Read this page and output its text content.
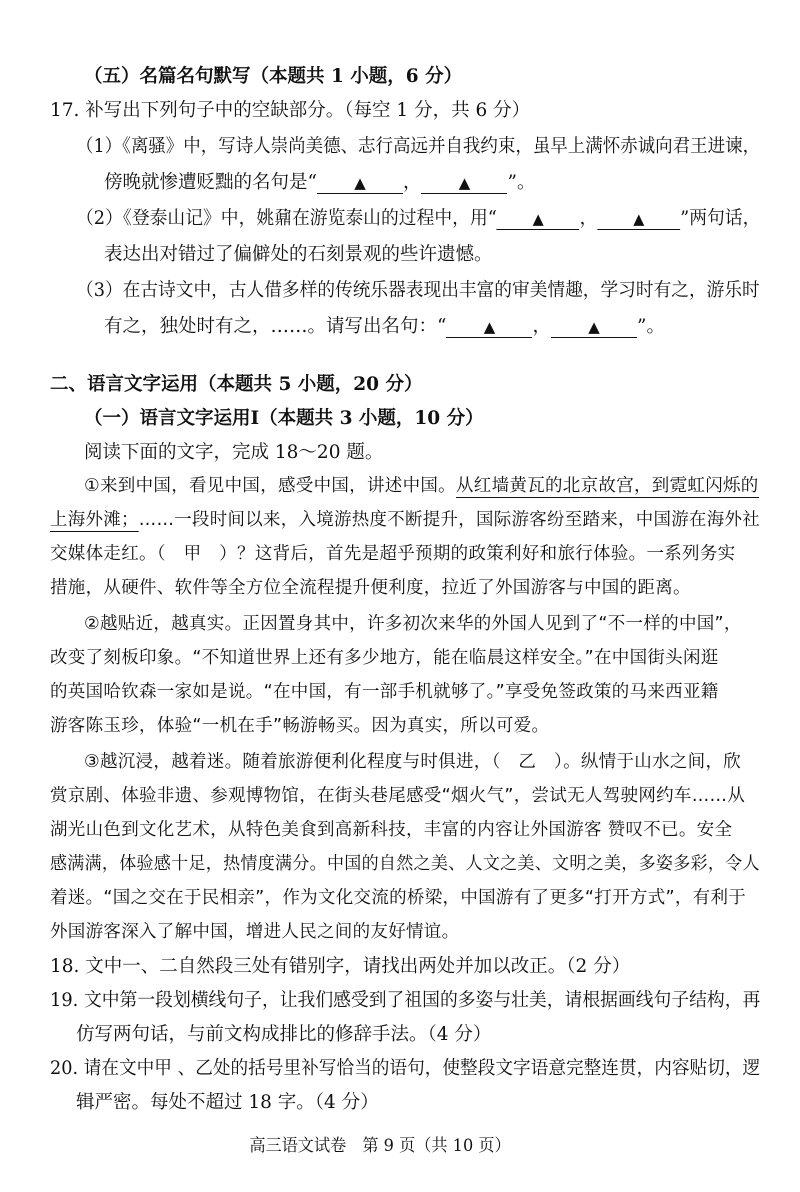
（五）名篇名句默写（本题共 1 小题，6 分）
17. 补写出下列句子中的空缺部分。（每空 1 分，共 6 分）
（1）《离骚》中，写诗人崇尚美德、志行高远并自我约束，虽早上满怀赤诚向君王进谏，
傍晚就惨遭贬黜的名句是“ ▲ ， ▲ ”。
（2）《登泰山记》中，姚鼐在游览泰山的过程中，用“ ▲ ， ▲ ”两句话，
表达出对错过了偏僻处的石刻景观的些许遗憾。
（3）在古诗文中，古人借多样的传统乐器表现出丰富的审美情趣，学习时有之，游乐时
有之，独处时有之，……。请写出名句：“ ▲ ， ▲ ”。
二、语言文字运用（本题共 5 小题，20 分）
（一）语言文字运用Ⅰ（本题共 3 小题，10 分）
阅读下面的文字，完成 18～20 题。
①来到中国，看见中国，感受中国，讲述中国。从红墙黄瓦的北京故宫，到霓虹闪烁的
上海外滩；……一段时间以来，入境游热度不断提升，国际游客纷至踏来，中国游在海外社
交媒体走红。（　甲　）？这背后，首先是超乎预期的政策利好和旅行体验。一系列务实
措施，从硬件、软件等全方位全流程提升便利度，拉近了外国游客与中国的距离。
②越贴近，越真实。正因置身其中，许多初次来华的外国人见到了“不一样的中国”，
改变了刻板印象。“不知道世界上还有多少地方，能在临晨这样安全。”在中国街头闲逛
的英国哈钦森一家如是说。“在中国，有一部手机就够了。”享受免签政策的马来西亚籍
游客陈玉珍，体验“一机在手”畅游畅买。因为真实，所以可爱。
③越沉浸，越着迷。随着旅游便利化程度与时俱进，（　乙　）。纵情于山水之间，欣
赏京剧、体验非遗、参观博物馆，在街头巷尾感受“烟火气”，尝试无人驾驶网约车……从
湖光山色到文化艺术，从特色美食到高新科技，丰富的内容让外国游客 赞叹不已。安全
感满满，体验感十足，热情度满分。中国的自然之美、人文之美、文明之美，多姿多彩，令人
着迷。“国之交在于民相亲”，作为文化交流的桥梁，中国游有了更多“打开方式”，有利于
外国游客深入了解中国，增进人民之间的友好情谊。
18. 文中一、二自然段三处有错别字，请找出两处并加以改正。（2 分）
19. 文中第一段划横线句子，让我们感受到了祖国的多姿与壮美，请根据画线句子结构，再
仿写两句话，与前文构成排比的修辞手法。（4 分）
20. 请在文中甲 、乙处的括号里补写恰当的语句，使整段文字语意完整连贯，内容贴切，逻
辑严密。每处不超过 18 字。（4 分）
高三语文试卷　第 9 页（共 10 页）
